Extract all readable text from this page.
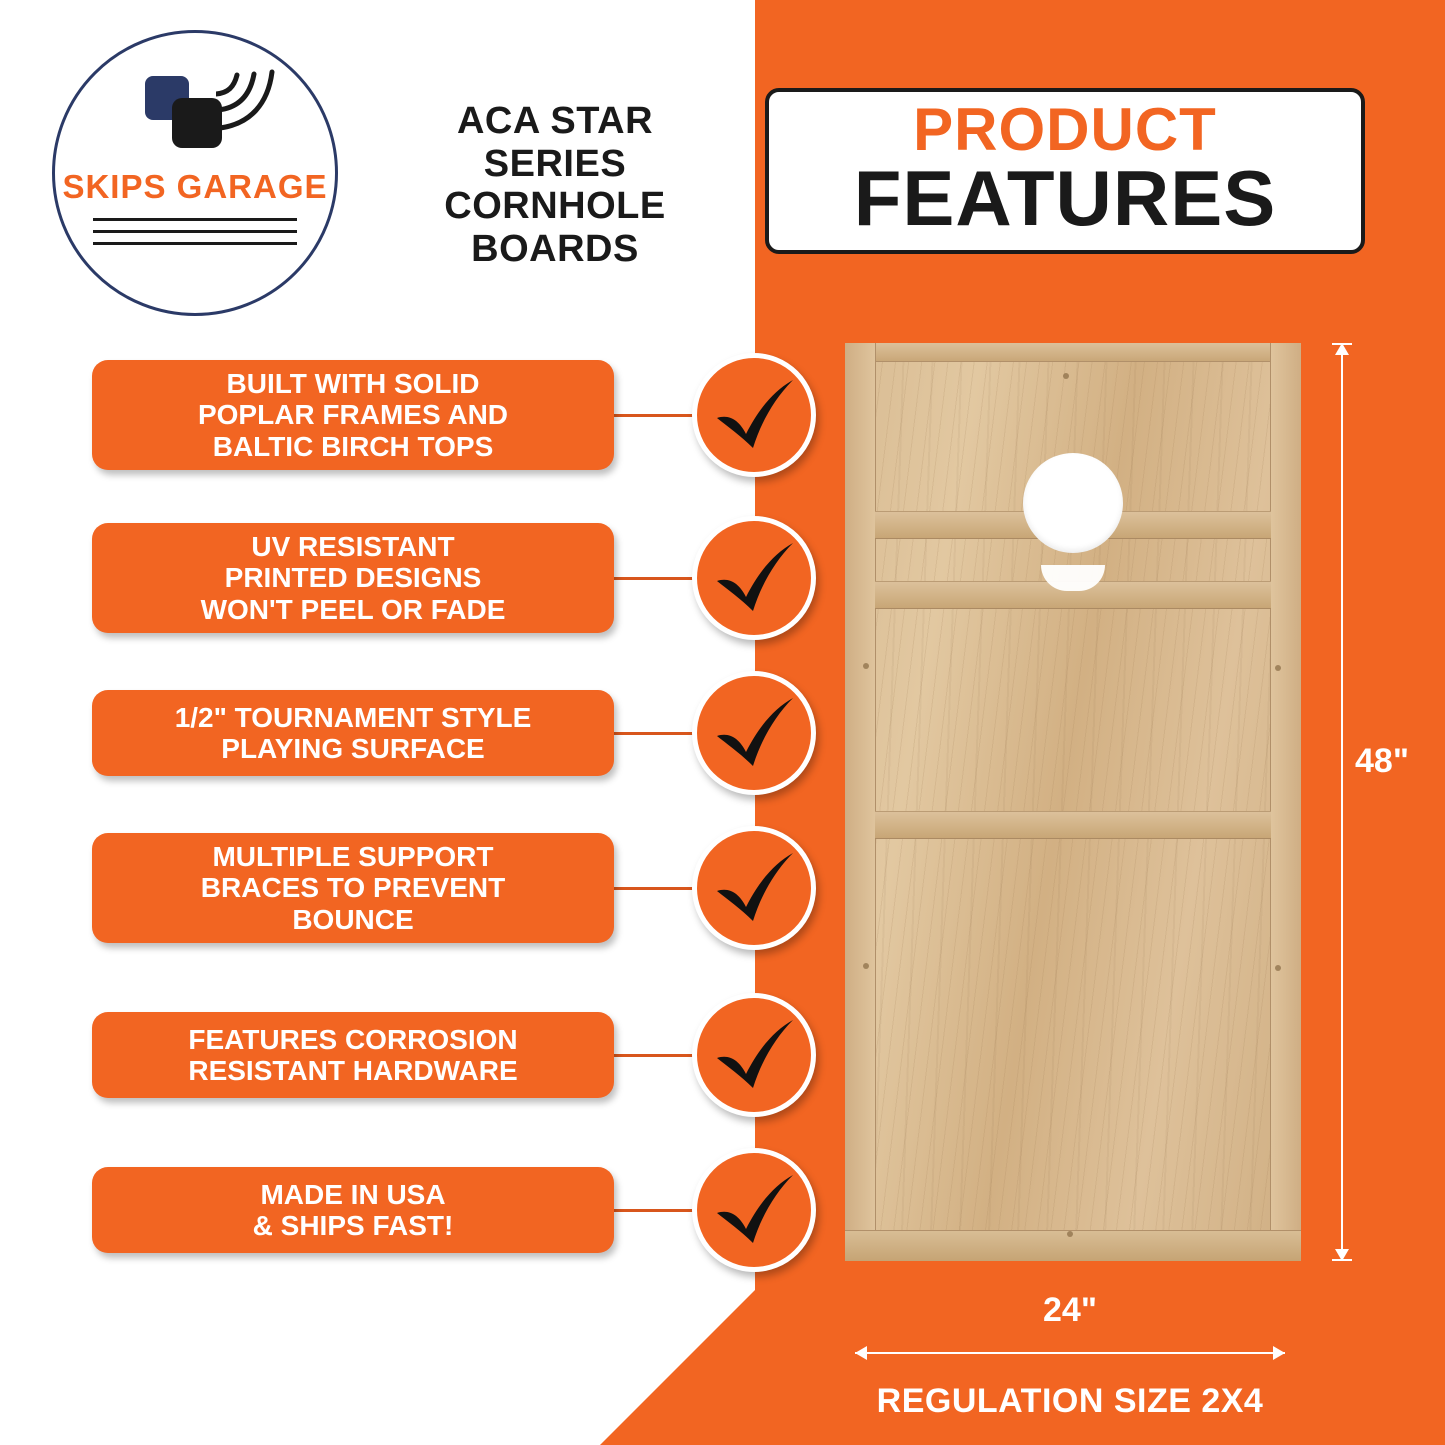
SKIPS GARAGE
ACA STAR
SERIES
CORNHOLE
BOARDS
PRODUCT
FEATURES
BUILT WITH SOLID
POPLAR FRAMES AND
BALTIC BIRCH TOPS
UV RESISTANT
PRINTED DESIGNS
WON'T PEEL OR FADE
1/2" TOURNAMENT STYLE
PLAYING SURFACE
MULTIPLE SUPPORT
BRACES TO PREVENT
BOUNCE
FEATURES CORROSION
RESISTANT HARDWARE
MADE IN USA
& SHIPS FAST!
48"
24"
REGULATION SIZE 2X4
